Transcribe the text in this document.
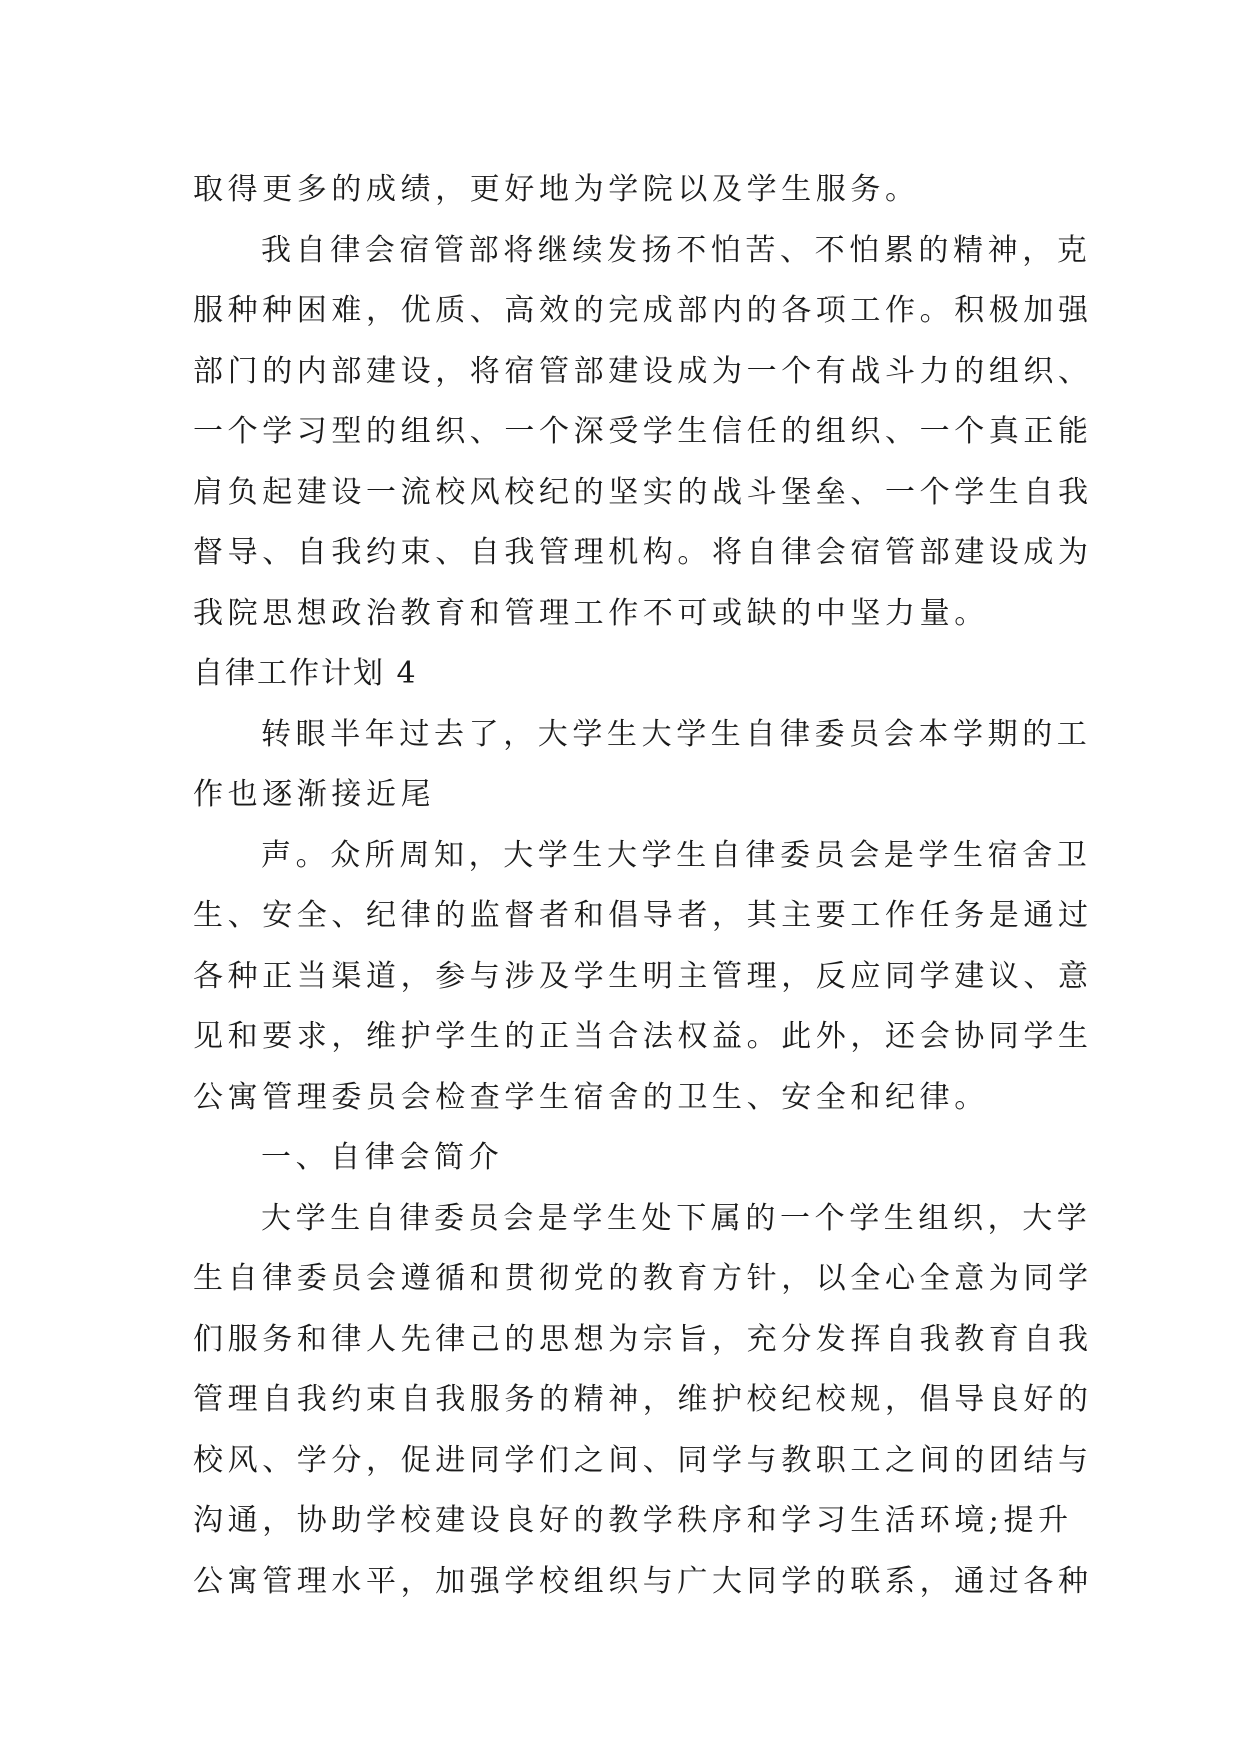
取得更多的成绩，更好地为学院以及学生服务。
我自律会宿管部将继续发扬不怕苦、不怕累的精神，克
服种种困难，优质、高效的完成部内的各项工作。积极加强
部门的内部建设，将宿管部建设成为一个有战斗力的组织、
一个学习型的组织、一个深受学生信任的组织、一个真正能
肩负起建设一流校风校纪的坚实的战斗堡垒、一个学生自我
督导、自我约束、自我管理机构。将自律会宿管部建设成为
我院思想政治教育和管理工作不可或缺的中坚力量。
自律工作计划 4
转眼半年过去了，大学生大学生自律委员会本学期的工
作也逐渐接近尾
声。众所周知，大学生大学生自律委员会是学生宿舍卫
生、安全、纪律的监督者和倡导者，其主要工作任务是通过
各种正当渠道，参与涉及学生明主管理，反应同学建议、意
见和要求，维护学生的正当合法权益。此外，还会协同学生
公寓管理委员会检查学生宿舍的卫生、安全和纪律。
一、自律会简介
大学生自律委员会是学生处下属的一个学生组织，大学
生自律委员会遵循和贯彻党的教育方针，以全心全意为同学
们服务和律人先律己的思想为宗旨，充分发挥自我教育自我
管理自我约束自我服务的精神，维护校纪校规，倡导良好的
校风、学分，促进同学们之间、同学与教职工之间的团结与
沟通，协助学校建设良好的教学秩序和学习生活环境;提升
公寓管理水平，加强学校组织与广大同学的联系，通过各种
